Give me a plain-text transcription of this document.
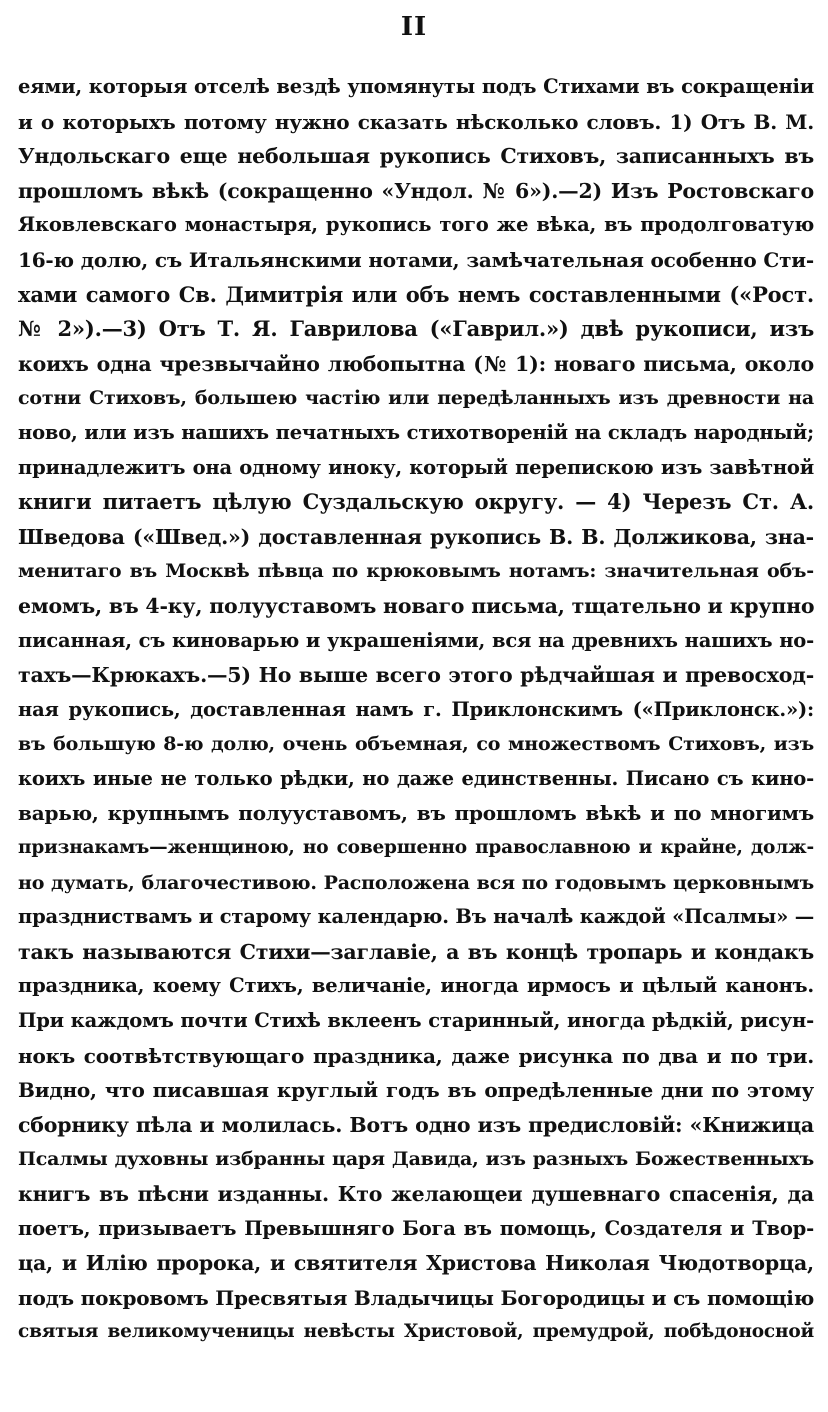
II
еями, которыя отселѣ вездѣ упомянуты подъ Стихами въ сокращеніи
и о которыхъ потому нужно сказать нѣсколько словъ. 1) Отъ В. М.
Ундольскаго еще небольшая рукопись Стиховъ, записанныхъ въ
прошломъ вѣкѣ (сокращенно «Ундол. № 6»).—2) Изъ Ростовскаго
Яковлевскаго монастыря, рукопись того же вѣка, въ продолговатую
16-ю долю, съ Итальянскими нотами, замѣчательная особенно Сти-
хами самого Св. Димитрія или объ немъ составленными («Рост.
№ 2»).—3) Отъ Т. Я. Гаврилова («Гаврил.») двѣ рукописи, изъ
коихъ одна чрезвычайно любопытна (№ 1): новаго письма, около
сотни Стиховъ, большею частію или передѣланныхъ изъ древности на
ново, или изъ нашихъ печатныхъ стихотвореній на складъ народный;
принадлежитъ она одному иноку, который перепискою изъ завѣтной
книги питаетъ цѣлую Суздальскую округу. — 4) Черезъ Ст. А.
Шведова («Швед.») доставленная рукопись В. В. Должикова, зна-
менитаго въ Москвѣ пѣвца по крюковымъ нотамъ: значительная объ-
емомъ, въ 4-ку, полууставомъ новаго письма, тщательно и крупно
писанная, съ киноварью и украшеніями, вся на древнихъ нашихъ но-
тахъ—Крюкахъ.—5) Но выше всего этого рѣдчайшая и превосход-
ная рукопись, доставленная намъ г. Приклонскимъ («Приклонск.»):
въ большую 8-ю долю, очень объемная, со множествомъ Стиховъ, изъ
коихъ иные не только рѣдки, но даже единственны. Писано съ кино-
варью, крупнымъ полууставомъ, въ прошломъ вѣкѣ и по многимъ
признакамъ—женщиною, но совершенно православною и крайне, долж-
но думать, благочестивою. Расположена вся по годовымъ церковнымъ
праздниствамъ и старому календарю. Въ началѣ каждой «Псалмы» —
такъ называются Стихи—заглавіе, а въ концѣ тропарь и кондакъ
праздника, коему Стихъ, величаніе, иногда ирмосъ и цѣлый канонъ.
При каждомъ почти Стихѣ вклеенъ старинный, иногда рѣдкій, рисун-
нокъ соотвѣтствующаго праздника, даже рисунка по два и по три.
Видно, что писавшая круглый годъ въ опредѣленные дни по этому
сборнику пѣла и молилась. Вотъ одно изъ предисловій: «Книжица
Псалмы духовны избранны царя Давида, изъ разныхъ Божественныхъ
книгъ въ пѣсни изданны. Кто желающеи душевнаго спасенія, да
поетъ, призываетъ Превышняго Бога въ помощь, Создателя и Твор-
ца, и Илію пророка, и святителя Христова Николая Чюдотворца,
подъ покровомъ Пресвятыя Владычицы Богородицы и съ помощію
святыя великомученицы невѣсты Христовой, премудрой, побѣдоносной
